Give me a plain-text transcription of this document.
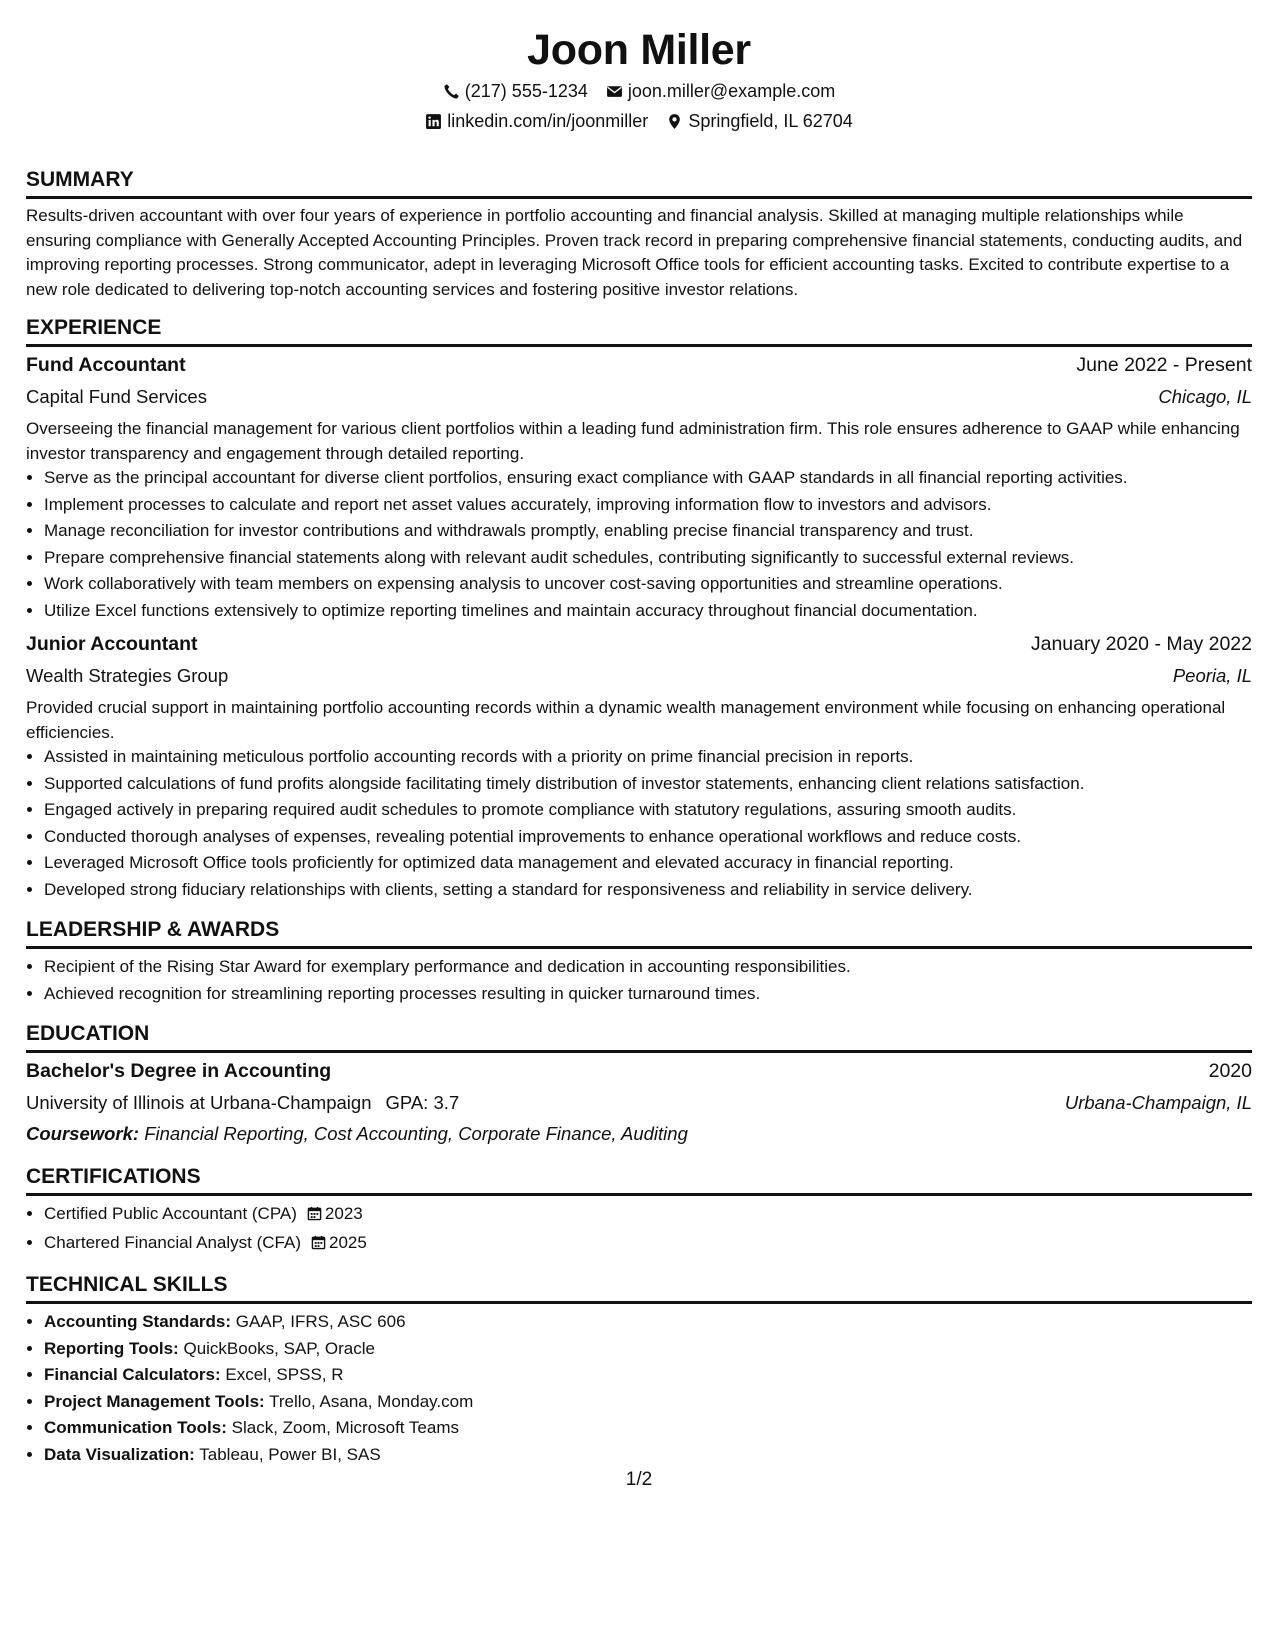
Joon Miller
(217) 555-1234 joon.miller@example.com
linkedin.com/in/joonmiller Springfield, IL 62704
SUMMARY

Results-driven accountant with over four years of experience in portfolio accounting and financial analysis. Skilled at managing multiple relationships while ensuring compliance with Generally Accepted Accounting Principles. Proven track record in preparing comprehensive financial statements, conducting audits, and improving reporting processes. Strong communicator, adept in leveraging Microsoft Office tools for efficient accounting tasks. Excited to contribute expertise to a new role dedicated to delivering top-notch accounting services and fostering positive investor relations.

EXPERIENCE
Fund Accountant	June 2022 - Present
Capital Fund Services	Chicago, IL

Overseeing the financial management for various client portfolios within a leading fund administration firm. This role ensures adherence to GAAP while enhancing investor transparency and engagement through detailed reporting.

• Serve as the principal accountant for diverse client portfolios, ensuring exact compliance with GAAP standards in all financial reporting activities.
• Implement processes to calculate and report net asset values accurately, improving information flow to investors and advisors.
• Manage reconciliation for investor contributions and withdrawals promptly, enabling precise financial transparency and trust.
• Prepare comprehensive financial statements along with relevant audit schedules, contributing significantly to successful external reviews.
• Work collaboratively with team members on expensing analysis to uncover cost-saving opportunities and streamline operations.
• Utilize Excel functions extensively to optimize reporting timelines and maintain accuracy throughout financial documentation.
Junior Accountant	January 2020 - May 2022
Wealth Strategies Group	Peoria, IL

Provided crucial support in maintaining portfolio accounting records within a dynamic wealth management environment while focusing on enhancing operational efficiencies.

• Assisted in maintaining meticulous portfolio accounting records with a priority on prime financial precision in reports.
• Supported calculations of fund profits alongside facilitating timely distribution of investor statements, enhancing client relations satisfaction.
• Engaged actively in preparing required audit schedules to promote compliance with statutory regulations, assuring smooth audits.
• Conducted thorough analyses of expenses, revealing potential improvements to enhance operational workflows and reduce costs.
• Leveraged Microsoft Office tools proficiently for optimized data management and elevated accuracy in financial reporting.
• Developed strong fiduciary relationships with clients, setting a standard for responsiveness and reliability in service delivery.
LEADERSHIP & AWARDS
• Recipient of the Rising Star Award for exemplary performance and dedication in accounting responsibilities.
• Achieved recognition for streamlining reporting processes resulting in quicker turnaround times.
EDUCATION
Bachelor's Degree in Accounting	2020
University of Illinois at Urbana-Champaign GPA: 3.7	Urbana-Champaign, IL
Coursework: Financial Reporting, Cost Accounting, Corporate Finance, Auditing
CERTIFICATIONS
• Certified Public Accountant (CPA) 2023
• Chartered Financial Analyst (CFA) 2025
TECHNICAL SKILLS
• Accounting Standards: GAAP, IFRS, ASC 606
• Reporting Tools: QuickBooks, SAP, Oracle
• Financial Calculators: Excel, SPSS, R
• Project Management Tools: Trello, Asana, Monday.com
• Communication Tools: Slack, Zoom, Microsoft Teams
• Data Visualization: Tableau, Power BI, SAS
1/2
